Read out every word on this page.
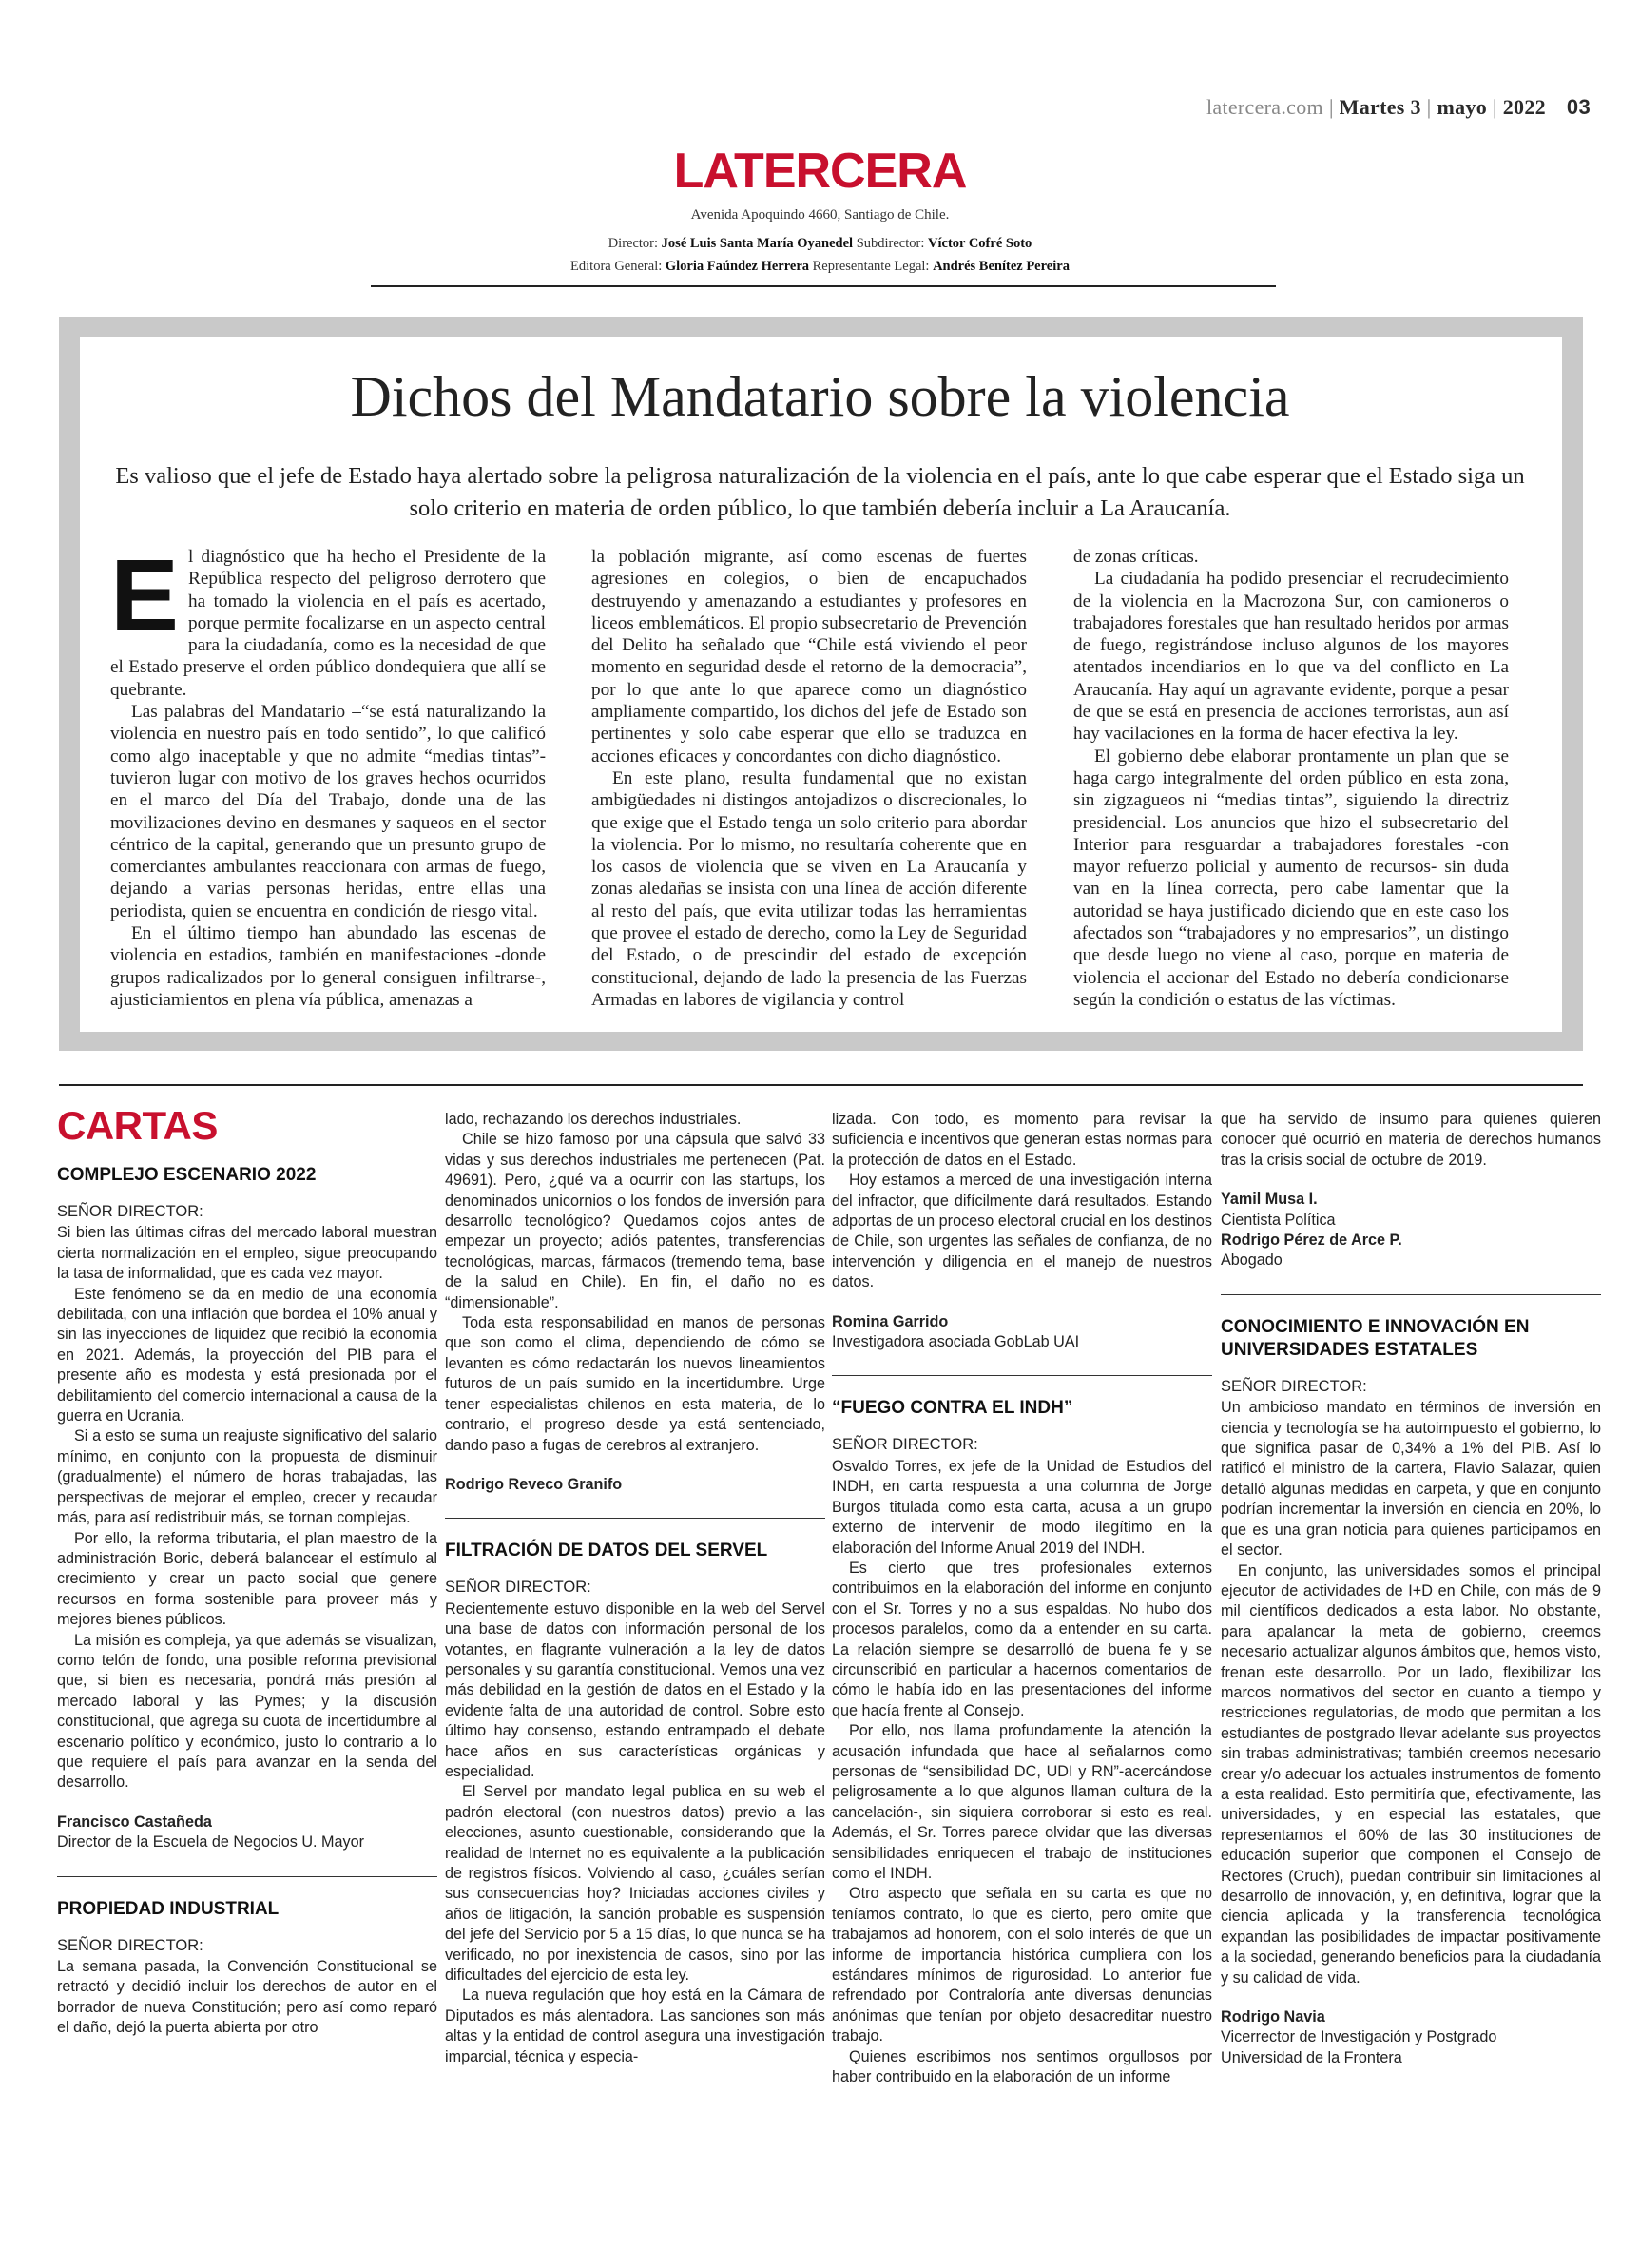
latercera.com | Martes 3 | mayo | 2022 03
LATERCERA
Avenida Apoquindo 4660, Santiago de Chile.
Director: José Luis Santa María Oyanedel Subdirector: Víctor Cofré Soto
Editora General: Gloria Faúndez Herrera Representante Legal: Andrés Benítez Pereira
Dichos del Mandatario sobre la violencia

Es valioso que el jefe de Estado haya alertado sobre la peligrosa naturalización de la violencia en el país, ante lo que cabe esperar que el Estado siga un solo criterio en materia de orden público, lo que también debería incluir a La Araucanía.

E l diagnóstico que ha hecho el Presidente de la República respecto del peligroso derrotero que ha tomado la violencia en el país es acertado, porque permite focalizarse en un aspecto central para la ciudadanía, como es la necesidad de que el Estado preserve el orden público dondequiera que allí se quebrante.

Las palabras del Mandatario –“se está naturalizando la violencia en nuestro país en todo sentido”, lo que calificó como algo inaceptable y que no admite “medias tintas”- tuvieron lugar con motivo de los graves hechos ocurridos en el marco del Día del Trabajo, donde una de las movilizaciones devino en desmanes y saqueos en el sector céntrico de la capital, generando que un presunto grupo de comerciantes ambulantes reaccionara con armas de fuego, dejando a varias personas heridas, entre ellas una periodista, quien se encuentra en condición de riesgo vital.

En el último tiempo han abundado las escenas de violencia en estadios, también en manifestaciones -donde grupos radicalizados por lo general consiguen infiltrarse-, ajusticiamientos en plena vía pública, amenazas a

la población migrante, así como escenas de fuertes agresiones en colegios, o bien de encapuchados destruyendo y amenazando a estudiantes y profesores en liceos emblemáticos. El propio subsecretario de Prevención del Delito ha señalado que “Chile está viviendo el peor momento en seguridad desde el retorno de la democracia”, por lo que ante lo que aparece como un diagnóstico ampliamente compartido, los dichos del jefe de Estado son pertinentes y solo cabe esperar que ello se traduzca en acciones eficaces y concordantes con dicho diagnóstico.

En este plano, resulta fundamental que no existan ambigüedades ni distingos antojadizos o discrecionales, lo que exige que el Estado tenga un solo criterio para abordar la violencia. Por lo mismo, no resultaría coherente que en los casos de violencia que se viven en La Araucanía y zonas aledañas se insista con una línea de acción diferente al resto del país, que evita utilizar todas las herramientas que provee el estado de derecho, como la Ley de Seguridad del Estado, o de prescindir del estado de excepción constitucional, dejando de lado la presencia de las Fuerzas Armadas en labores de vigilancia y control

de zonas críticas.

La ciudadanía ha podido presenciar el recrudecimiento de la violencia en la Macrozona Sur, con camioneros o trabajadores forestales que han resultado heridos por armas de fuego, registrándose incluso algunos de los mayores atentados incendiarios en lo que va del conflicto en La Araucanía. Hay aquí un agravante evidente, porque a pesar de que se está en presencia de acciones terroristas, aun así hay vacilaciones en la forma de hacer efectiva la ley.

El gobierno debe elaborar prontamente un plan que se haga cargo integralmente del orden público en esta zona, sin zigzagueos ni “medias tintas”, siguiendo la directriz presidencial. Los anuncios que hizo el subsecretario del Interior para resguardar a trabajadores forestales -con mayor refuerzo policial y aumento de recursos- sin duda van en la línea correcta, pero cabe lamentar que la autoridad se haya justificado diciendo que en este caso los afectados son “trabajadores y no empresarios”, un distingo que desde luego no viene al caso, porque en materia de violencia el accionar del Estado no debería condicionarse según la condición o estatus de las víctimas.

CARTAS
COMPLEJO ESCENARIO 2022
SEÑOR DIRECTOR:

Si bien las últimas cifras del mercado laboral muestran cierta normalización en el empleo, sigue preocupando la tasa de informalidad, que es cada vez mayor.

Este fenómeno se da en medio de una economía debilitada, con una inflación que bordea el 10% anual y sin las inyecciones de liquidez que recibió la economía en 2021. Además, la proyección del PIB para el presente año es modesta y está presionada por el debilitamiento del comercio internacional a causa de la guerra en Ucrania.

Si a esto se suma un reajuste significativo del salario mínimo, en conjunto con la propuesta de disminuir (gradualmente) el número de horas trabajadas, las perspectivas de mejorar el empleo, crecer y recaudar más, para así redistribuir más, se tornan complejas.

Por ello, la reforma tributaria, el plan maestro de la administración Boric, deberá balancear el estímulo al crecimiento y crear un pacto social que genere recursos en forma sostenible para proveer más y mejores bienes públicos.

La misión es compleja, ya que además se visualizan, como telón de fondo, una posible reforma previsional que, si bien es necesaria, pondrá más presión al mercado laboral y las Pymes; y la discusión constitucional, que agrega su cuota de incertidumbre al escenario político y económico, justo lo contrario a lo que requiere el país para avanzar en la senda del desarrollo.

Francisco Castañeda
Director de la Escuela de Negocios U. Mayor
PROPIEDAD INDUSTRIAL
SEÑOR DIRECTOR:

La semana pasada, la Convención Constitucional se retractó y decidió incluir los derechos de autor en el borrador de nueva Constitución; pero así como reparó el daño, dejó la puerta abierta por otro

lado, rechazando los derechos industriales.

Chile se hizo famoso por una cápsula que salvó 33 vidas y sus derechos industriales me pertenecen (Pat. 49691). Pero, ¿qué va a ocurrir con las startups, los denominados unicornios o los fondos de inversión para desarrollo tecnológico? Quedamos cojos antes de empezar un proyecto; adiós patentes, transferencias tecnológicas, marcas, fármacos (tremendo tema, base de la salud en Chile). En fin, el daño no es “dimensionable”.

Toda esta responsabilidad en manos de personas que son como el clima, dependiendo de cómo se levanten es cómo redactarán los nuevos lineamientos futuros de un país sumido en la incertidumbre. Urge tener especialistas chilenos en esta materia, de lo contrario, el progreso desde ya está sentenciado, dando paso a fugas de cerebros al extranjero.

Rodrigo Reveco Granifo
FILTRACIÓN DE DATOS DEL SERVEL
SEÑOR DIRECTOR:

Recientemente estuvo disponible en la web del Servel una base de datos con información personal de los votantes, en flagrante vulneración a la ley de datos personales y su garantía constitucional. Vemos una vez más debilidad en la gestión de datos en el Estado y la evidente falta de una autoridad de control. Sobre esto último hay consenso, estando entrampado el debate hace años en sus características orgánicas y especialidad.

El Servel por mandato legal publica en su web el padrón electoral (con nuestros datos) previo a las elecciones, asunto cuestionable, considerando que la realidad de Internet no es equivalente a la publicación de registros físicos. Volviendo al caso, ¿cuáles serían sus consecuencias hoy? Iniciadas acciones civiles y años de litigación, la sanción probable es suspensión del jefe del Servicio por 5 a 15 días, lo que nunca se ha verificado, no por inexistencia de casos, sino por las dificultades del ejercicio de esta ley.

La nueva regulación que hoy está en la Cámara de Diputados es más alentadora. Las sanciones son más altas y la entidad de control asegura una investigación imparcial, técnica y especia-

lizada. Con todo, es momento para revisar la suficiencia e incentivos que generan estas normas para la protección de datos en el Estado.

Hoy estamos a merced de una investigación interna del infractor, que difícilmente dará resultados. Estando adportas de un proceso electoral crucial en los destinos de Chile, son urgentes las señales de confianza, de no intervención y diligencia en el manejo de nuestros datos.

Romina Garrido
Investigadora asociada GobLab UAI
“FUEGO CONTRA EL INDH”
SEÑOR DIRECTOR:

Osvaldo Torres, ex jefe de la Unidad de Estudios del INDH, en carta respuesta a una columna de Jorge Burgos titulada como esta carta, acusa a un grupo externo de intervenir de modo ilegítimo en la elaboración del Informe Anual 2019 del INDH.

Es cierto que tres profesionales externos contribuimos en la elaboración del informe en conjunto con el Sr. Torres y no a sus espaldas. No hubo dos procesos paralelos, como da a entender en su carta. La relación siempre se desarrolló de buena fe y se circunscribió en particular a hacernos comentarios de cómo le había ido en las presentaciones del informe que hacía frente al Consejo.

Por ello, nos llama profundamente la atención la acusación infundada que hace al señalarnos como personas de “sensibilidad DC, UDI y RN”-acercándose peligrosamente a lo que algunos llaman cultura de la cancelación-, sin siquiera corroborar si esto es real. Además, el Sr. Torres parece olvidar que las diversas sensibilidades enriquecen el trabajo de instituciones como el INDH.

Otro aspecto que señala en su carta es que no teníamos contrato, lo que es cierto, pero omite que trabajamos ad honorem, con el solo interés de que un informe de importancia histórica cumpliera con los estándares mínimos de rigurosidad. Lo anterior fue refrendado por Contraloría ante diversas denuncias anónimas que tenían por objeto desacreditar nuestro trabajo.

Quienes escribimos nos sentimos orgullosos por haber contribuido en la elaboración de un informe

que ha servido de insumo para quienes quieren conocer qué ocurrió en materia de derechos humanos tras la crisis social de octubre de 2019.

Yamil Musa I.
Cientista Política
Rodrigo Pérez de Arce P.
Abogado
CONOCIMIENTO E INNOVACIÓN EN UNIVERSIDADES ESTATALES
SEÑOR DIRECTOR:

Un ambicioso mandato en términos de inversión en ciencia y tecnología se ha autoimpuesto el gobierno, lo que significa pasar de 0,34% a 1% del PIB. Así lo ratificó el ministro de la cartera, Flavio Salazar, quien detalló algunas medidas en carpeta, y que en conjunto podrían incrementar la inversión en ciencia en 20%, lo que es una gran noticia para quienes participamos en el sector.

En conjunto, las universidades somos el principal ejecutor de actividades de I+D en Chile, con más de 9 mil científicos dedicados a esta labor. No obstante, para apalancar la meta de gobierno, creemos necesario actualizar algunos ámbitos que, hemos visto, frenan este desarrollo. Por un lado, flexibilizar los marcos normativos del sector en cuanto a tiempo y restricciones regulatorias, de modo que permitan a los estudiantes de postgrado llevar adelante sus proyectos sin trabas administrativas; también creemos necesario crear y/o adecuar los actuales instrumentos de fomento a esta realidad. Esto permitiría que, efectivamente, las universidades, y en especial las estatales, que representamos el 60% de las 30 instituciones de educación superior que componen el Consejo de Rectores (Cruch), puedan contribuir sin limitaciones al desarrollo de innovación, y, en definitiva, lograr que la ciencia aplicada y la transferencia tecnológica expandan las posibilidades de impactar positivamente a la sociedad, generando beneficios para la ciudadanía y su calidad de vida.

Rodrigo Navia
Vicerrector de Investigación y Postgrado
Universidad de la Frontera
